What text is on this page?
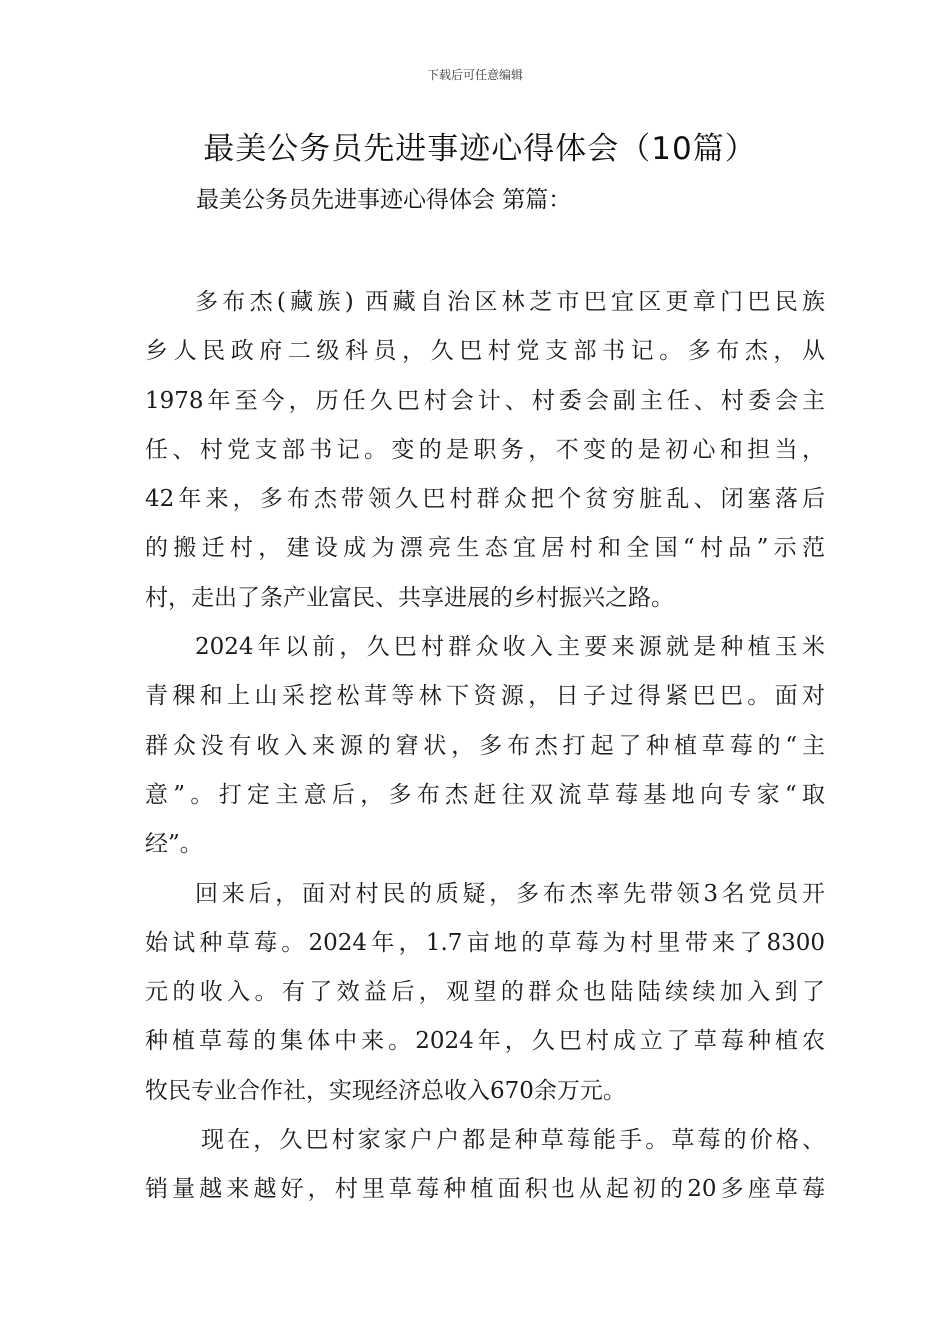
下载后可任意编辑
最美公务员先进事迹心得体会（10篇）
最美公务员先进事迹心得体会 第篇：
多布杰(藏族) 西藏自治区林芝市巴宜区更章门巴民族
乡人民政府二级科员，久巴村党支部书记。多布杰，从
1978年至今，历任久巴村会计、村委会副主任、村委会主
任、村党支部书记。变的是职务，不变的是初心和担当，
42年来，多布杰带领久巴村群众把个贫穷脏乱、闭塞落后
的搬迁村，建设成为漂亮生态宜居村和全国“村品”示范
村，走出了条产业富民、共享进展的乡村振兴之路。
2024年以前，久巴村群众收入主要来源就是种植玉米
青稞和上山采挖松茸等林下资源，日子过得紧巴巴。面对
群众没有收入来源的窘状，多布杰打起了种植草莓的“主
意”。打定主意后，多布杰赶往双流草莓基地向专家“取
经”。
回来后，面对村民的质疑，多布杰率先带领3名党员开
始试种草莓。2024年，1.7亩地的草莓为村里带来了8300
元的收入。有了效益后，观望的群众也陆陆续续加入到了
种植草莓的集体中来。2024年，久巴村成立了草莓种植农
牧民专业合作社，实现经济总收入670余万元。
现在，久巴村家家户户都是种草莓能手。草莓的价格、
销量越来越好，村里草莓种植面积也从起初的20多座草莓
